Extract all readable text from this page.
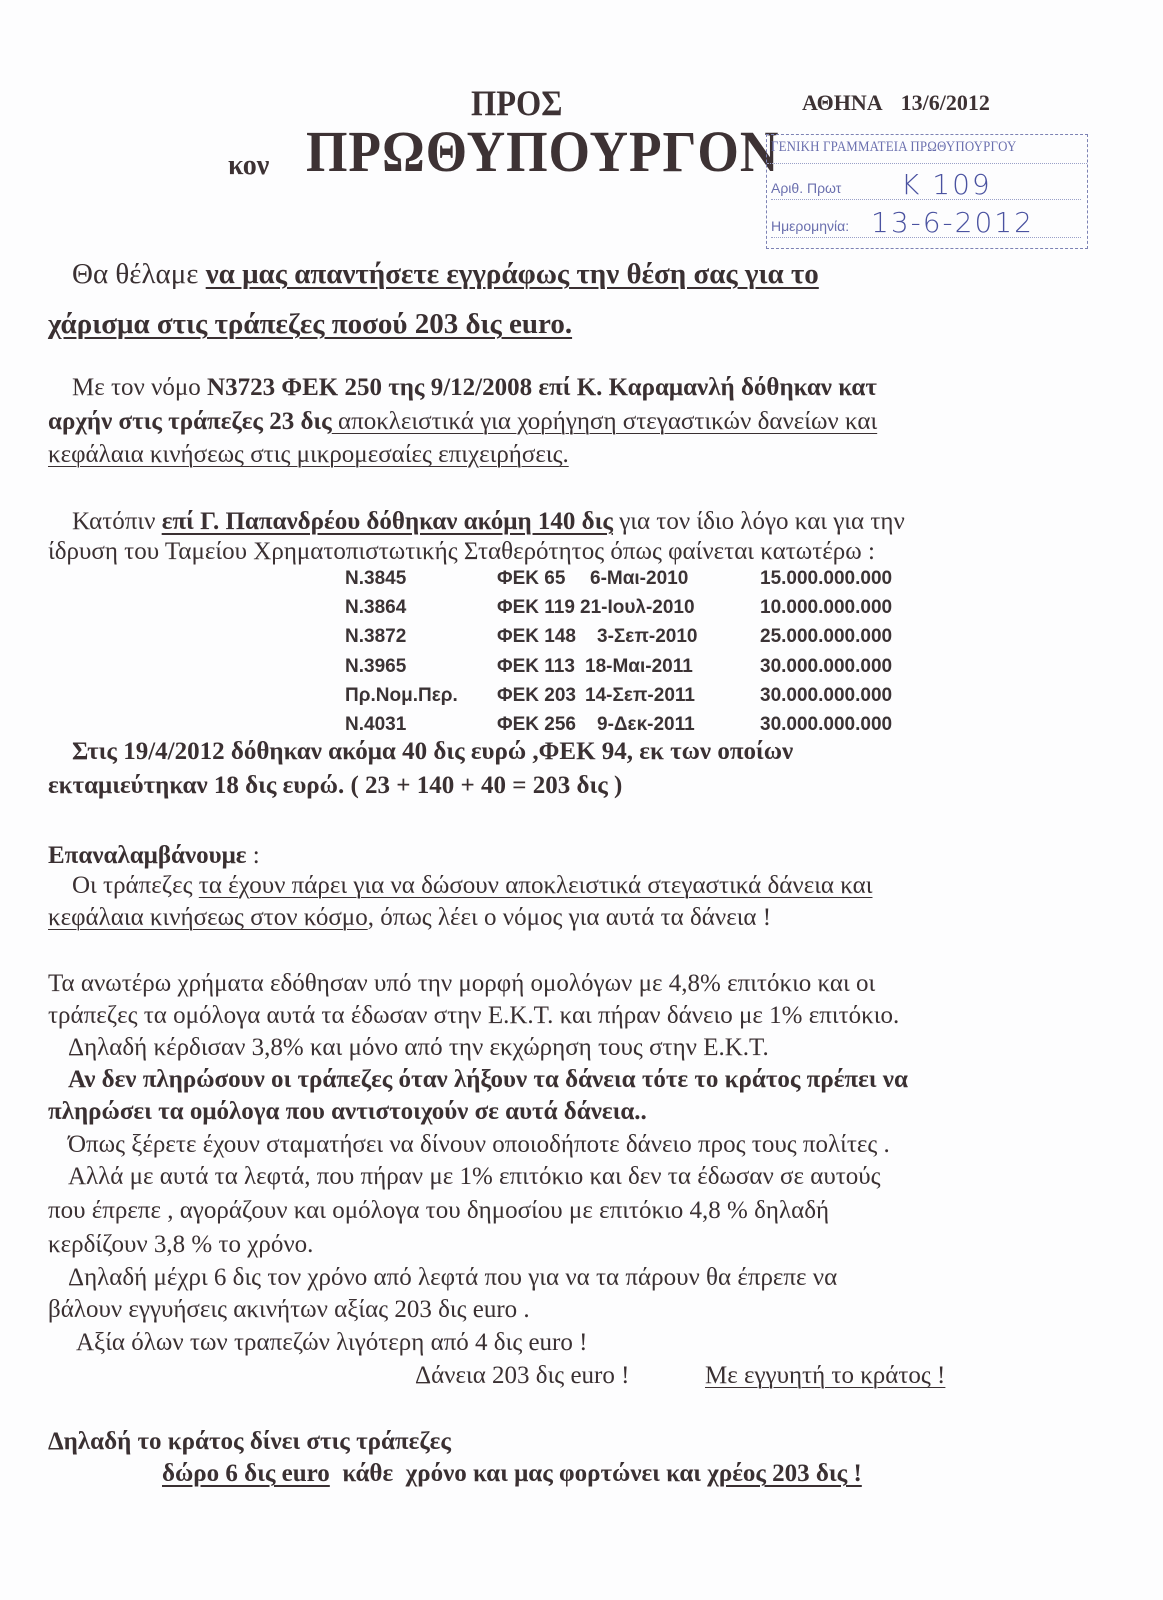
ΠΡΟΣ	ΑΘΗΝΑ 13/6/2012
κον ΠΡΩΘΥΠΟΥΡΓΟΝ
ΓΕΝΙΚΗ ΓΡΑΜΜΑΤΕΙΑ ΠΡΩΘΥΠΟΥΡΓΟΥ
Αριθ. Πρωτ K 109
Ημερομηνία: 13-6-2012
Θα θέλαμε να μας απαντήσετε εγγράφως την θέση σας για το
χάρισμα στις τράπεζες ποσού 203 δις euro.
Με τον νόμο N3723 ΦΕΚ 250 της 9/12/2008 επί Κ. Καραμανλή δόθηκαν κατ
αρχήν στις τράπεζες 23 δις αποκλειστικά για χορήγηση στεγαστικών δανείων και
κεφάλαια κινήσεως στις μικρομεσαίες επιχειρήσεις.
Κατόπιν επί Γ. Παπανδρέου δόθηκαν ακόμη 140 δις για τον ίδιο λόγο και για την
ίδρυση του Ταμείου Χρηματοπιστωτικής Σταθερότητος όπως φαίνεται κατωτέρω :
N.3845	ΦΕΚ 65 6-Μαι-2010	15.000.000.000
N.3864	ΦΕΚ 119 21-Ιουλ-2010	10.000.000.000
N.3872	ΦΕΚ 148 3-Σεπ-2010	25.000.000.000
N.3965	ΦΕΚ 113 18-Μαι-2011	30.000.000.000
Πρ.Νομ.Περ. ΦΕΚ 203 14-Σεπ-2011	30.000.000.000
N.4031	ΦΕΚ 256 9-Δεκ-2011	30.000.000.000
Στις 19/4/2012 δόθηκαν ακόμα 40 δις ευρώ ,ΦΕΚ 94, εκ των οποίων
εκταμιεύτηκαν 18 δις ευρώ. ( 23 + 140 + 40 = 203 δις )
Επαναλαμβάνουμε :
Οι τράπεζες τα έχουν πάρει για να δώσουν αποκλειστικά στεγαστικά δάνεια και
κεφάλαια κινήσεως στον κόσμο, όπως λέει ο νόμος για αυτά τα δάνεια !
Τα ανωτέρω χρήματα εδόθησαν υπό την μορφή ομολόγων με 4,8% επιτόκιο και οι
τράπεζες τα ομόλογα αυτά τα έδωσαν στην Ε.Κ.Τ. και πήραν δάνειο με 1% επιτόκιο.
Δηλαδή κέρδισαν 3,8% και μόνο από την εκχώρηση τους στην Ε.Κ.Τ.
Αν δεν πληρώσουν οι τράπεζες όταν λήξουν τα δάνεια τότε το κράτος πρέπει να
πληρώσει τα ομόλογα που αντιστοιχούν σε αυτά δάνεια..
Όπως ξέρετε έχουν σταματήσει να δίνουν οποιοδήποτε δάνειο προς τους πολίτες .
Αλλά με αυτά τα λεφτά, που πήραν με 1% επιτόκιο και δεν τα έδωσαν σε αυτούς
που έπρεπε , αγοράζουν και ομόλογα του δημοσίου με επιτόκιο 4,8 % δηλαδή
κερδίζουν 3,8 % το χρόνο.
Δηλαδή μέχρι 6 δις τον χρόνο από λεφτά που για να τα πάρουν θα έπρεπε να
βάλουν εγγυήσεις ακινήτων αξίας 203 δις euro .
Αξία όλων των τραπεζών λιγότερη από 4 δις euro !
Δάνεια 203 δις euro !	Με εγγυητή το κράτος !
Δηλαδή το κράτος δίνει στις τράπεζες
δώρο 6 δις euro  κάθε  χρόνο και μας φορτώνει και χρέος 203 δις !
